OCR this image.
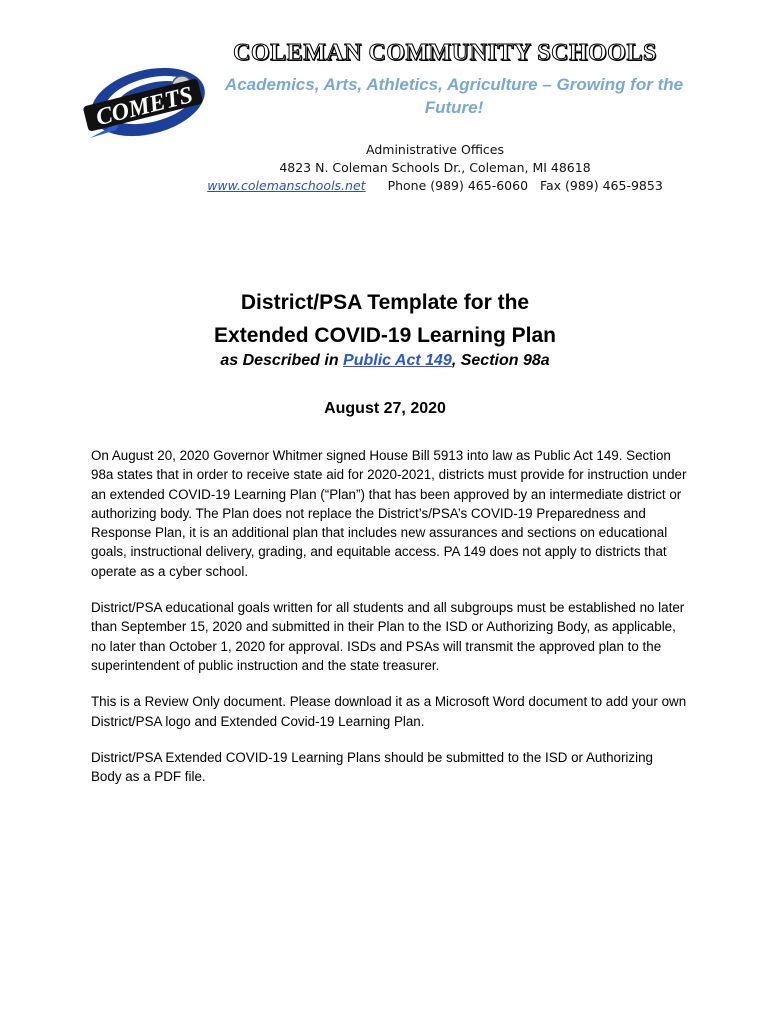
COMETS
COLEMAN COMMUNITY SCHOOLS
Academics, Arts, Athletics, Agriculture – Growing for the Future!
Administrative Offices
4823 N. Coleman Schools Dr., Coleman, MI 48618
www.colemanschools.net Phone (989) 465-6060   Fax (989) 465-9853
District/PSA Template for the
Extended COVID-19 Learning Plan
as Described in Public Act 149, Section 98a
August 27, 2020

On August 20, 2020 Governor Whitmer signed House Bill 5913 into law as Public Act 149. Section 98a states that in order to receive state aid for 2020-2021, districts must provide for instruction under an extended COVID-19 Learning Plan (“Plan”) that has been approved by an intermediate district or authorizing body. The Plan does not replace the District’s/PSA’s COVID-19 Preparedness and Response Plan, it is an additional plan that includes new assurances and sections on educational goals, instructional delivery, grading, and equitable access. PA 149 does not apply to districts that operate as a cyber school.

District/PSA educational goals written for all students and all subgroups must be established no later than September 15, 2020 and submitted in their Plan to the ISD or Authorizing Body, as applicable, no later than October 1, 2020 for approval. ISDs and PSAs will transmit the approved plan to the superintendent of public instruction and the state treasurer.

This is a Review Only document. Please download it as a Microsoft Word document to add your own District/PSA logo and Extended Covid-19 Learning Plan.

District/PSA Extended COVID-19 Learning Plans should be submitted to the ISD or Authorizing Body as a PDF file.
